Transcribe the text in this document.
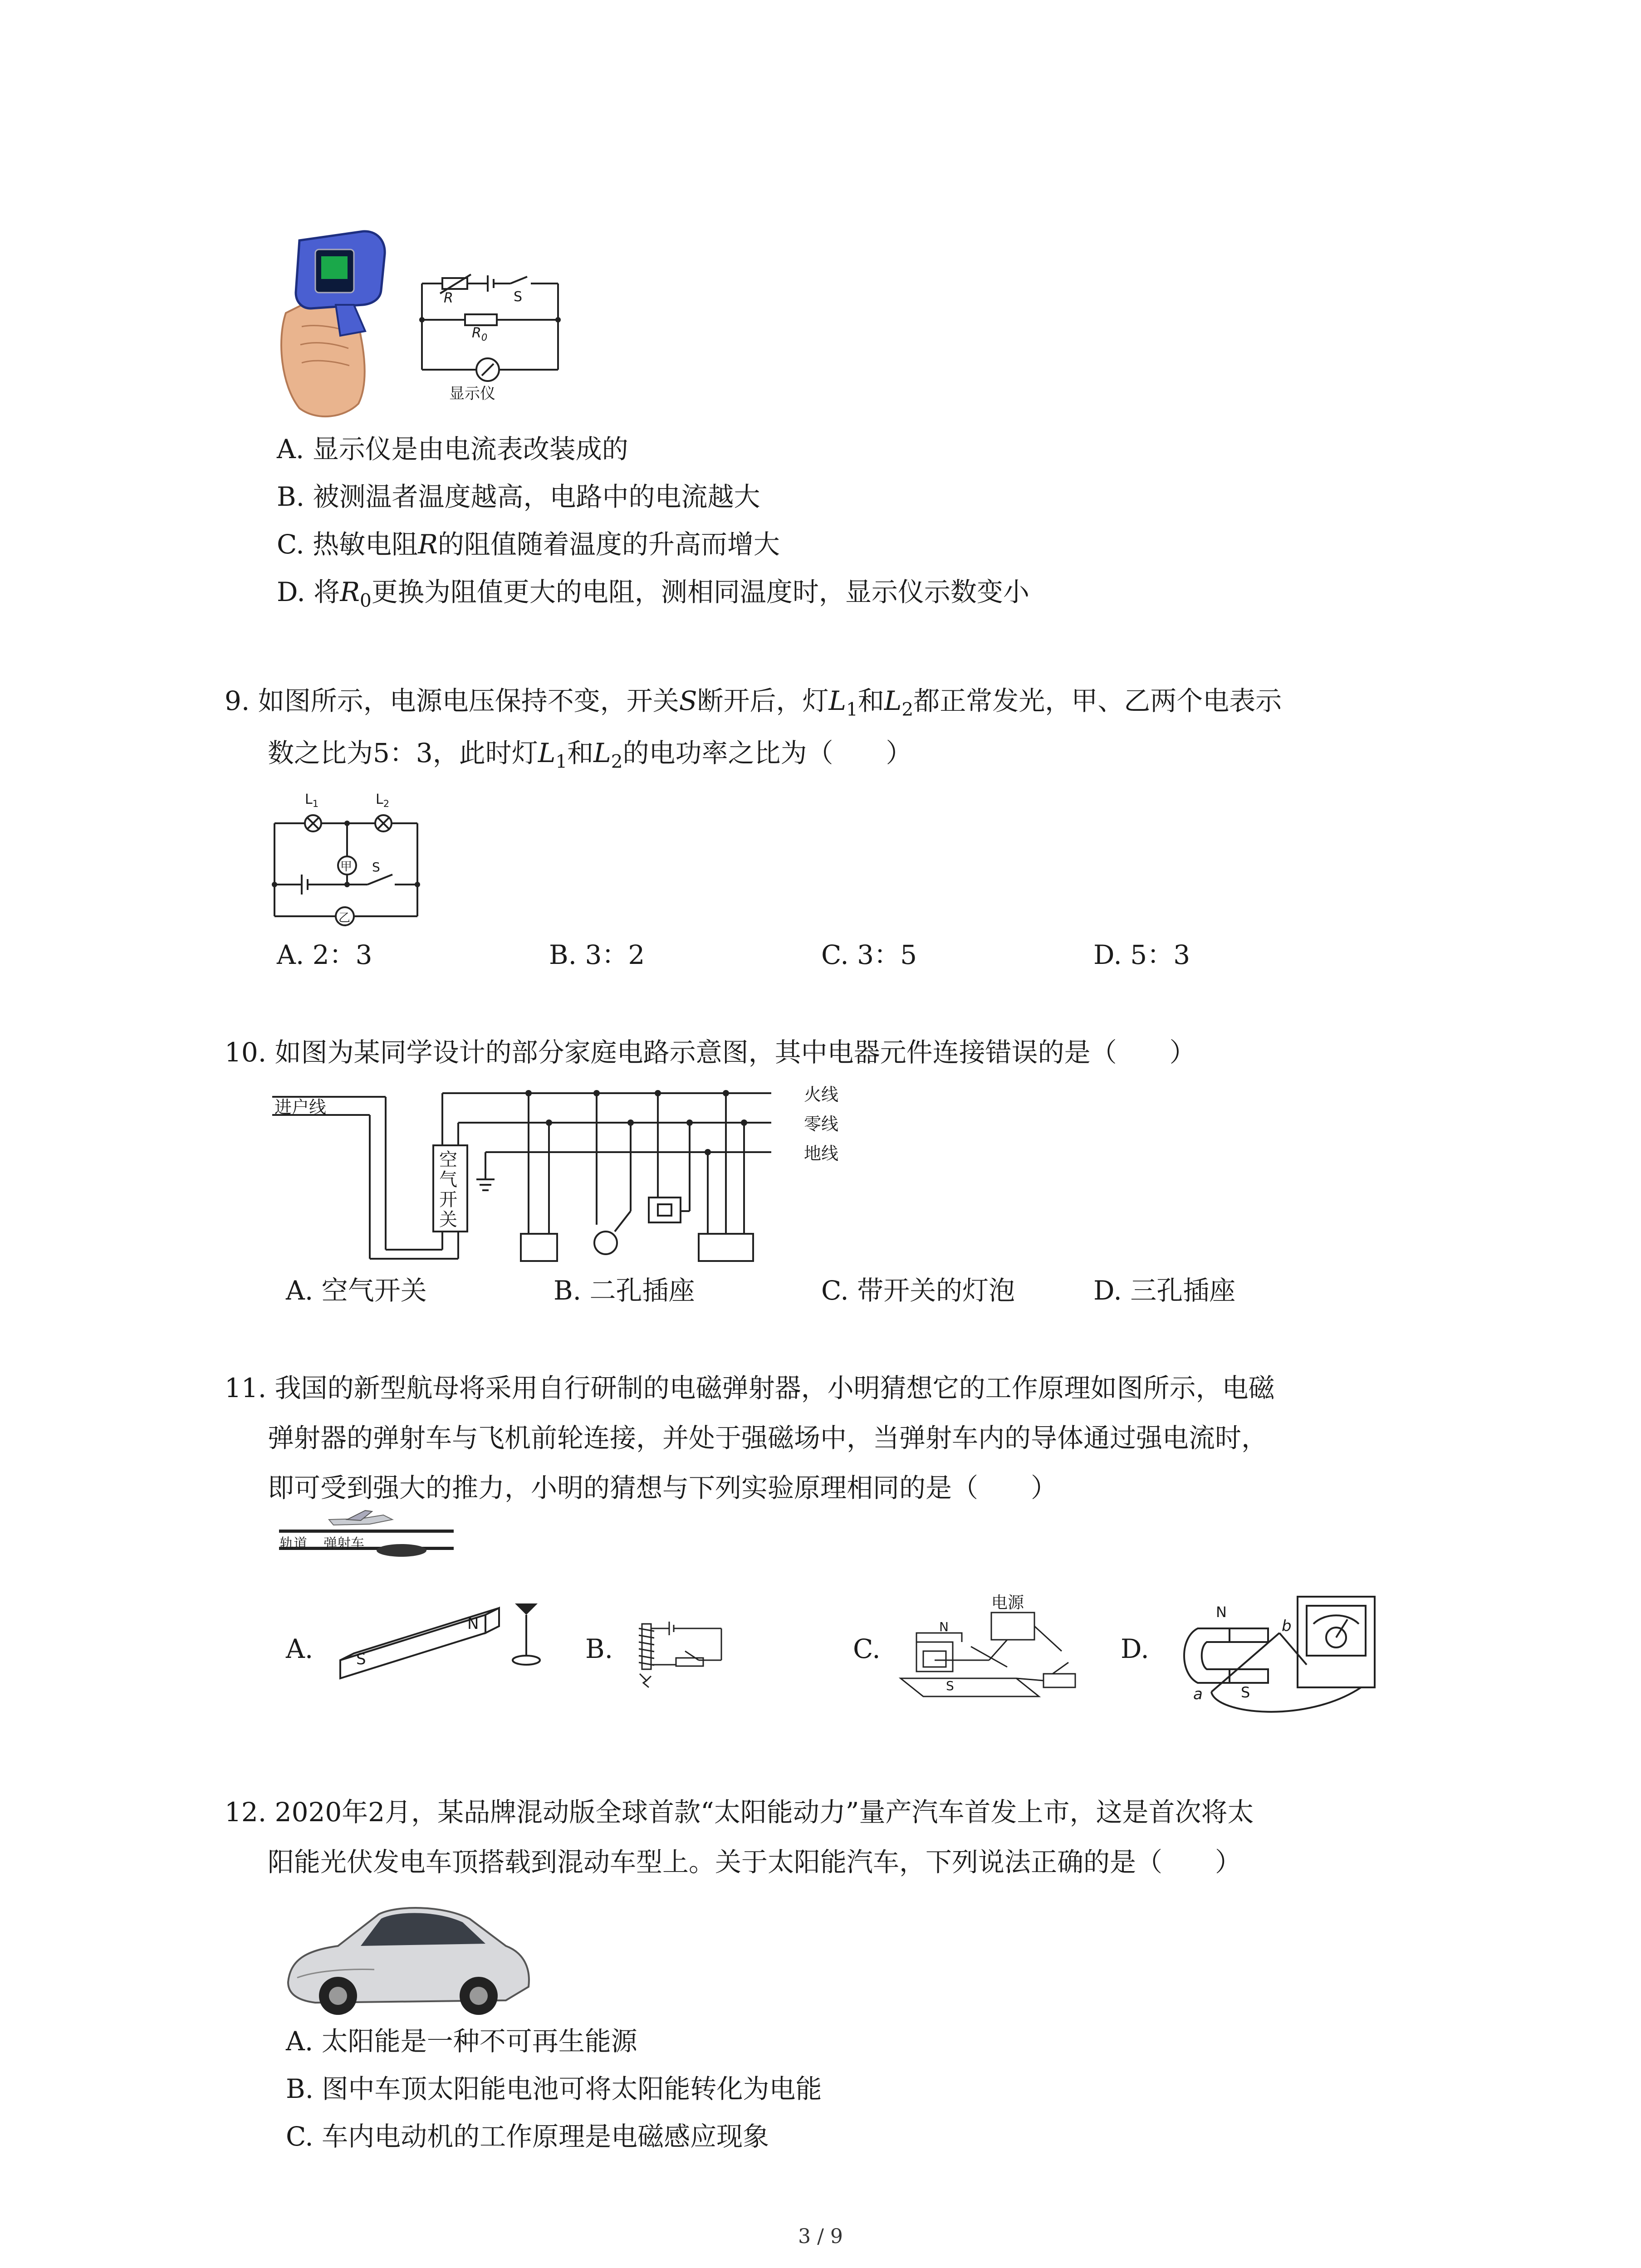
R	S
$R_0$
显示仪
A. 显示仪是由电流表改装成的
B. 被测温者温度越高，电路中的电流越大
C. 热敏电阻R的阻值随着温度的升高而增大
D. 将$R_0$更换为阻值更大的电阻，测相同温度时，显示仪示数变小
9. 如图所示，电源电压保持不变，开关S断开后，灯$L_1$和$L_2$都正常发光，甲、乙两个电表示
数之比为5：3，此时灯$L_1$和$L_2$的电功率之比为（　　）
$L_1$	$L_2$
甲
乙
S
A. 2：3	B. 3：2	C. 3：5	D. 5：3
10. 如图为某同学设计的部分家庭电路示意图，其中电器元件连接错误的是（　　）
进户线
火线
零线
地线
空气开关
A. 空气开关	B. 二孔插座	C. 带开关的灯泡	D. 三孔插座
11. 我国的新型航母将采用自行研制的电磁弹射器，小明猜想它的工作原理如图所示，电磁
弹射器的弹射车与飞机前轮连接，并处于强磁场中，当弹射车内的导体通过强电流时，
即可受到强大的推力，小明的猜想与下列实验原理相同的是（　　）
轨道 弹射车
A.	S
N
B.	C.
电源
N
S
D.
N
S
a
b
12. 2020年2月，某品牌混动版全球首款“太阳能动力”量产汽车首发上市，这是首次将太
阳能光伏发电车顶搭载到混动车型上。关于太阳能汽车，下列说法正确的是（　　）
A. 太阳能是一种不可再生能源
B. 图中车顶太阳能电池可将太阳能转化为电能
C. 车内电动机的工作原理是电磁感应现象
3 / 9
